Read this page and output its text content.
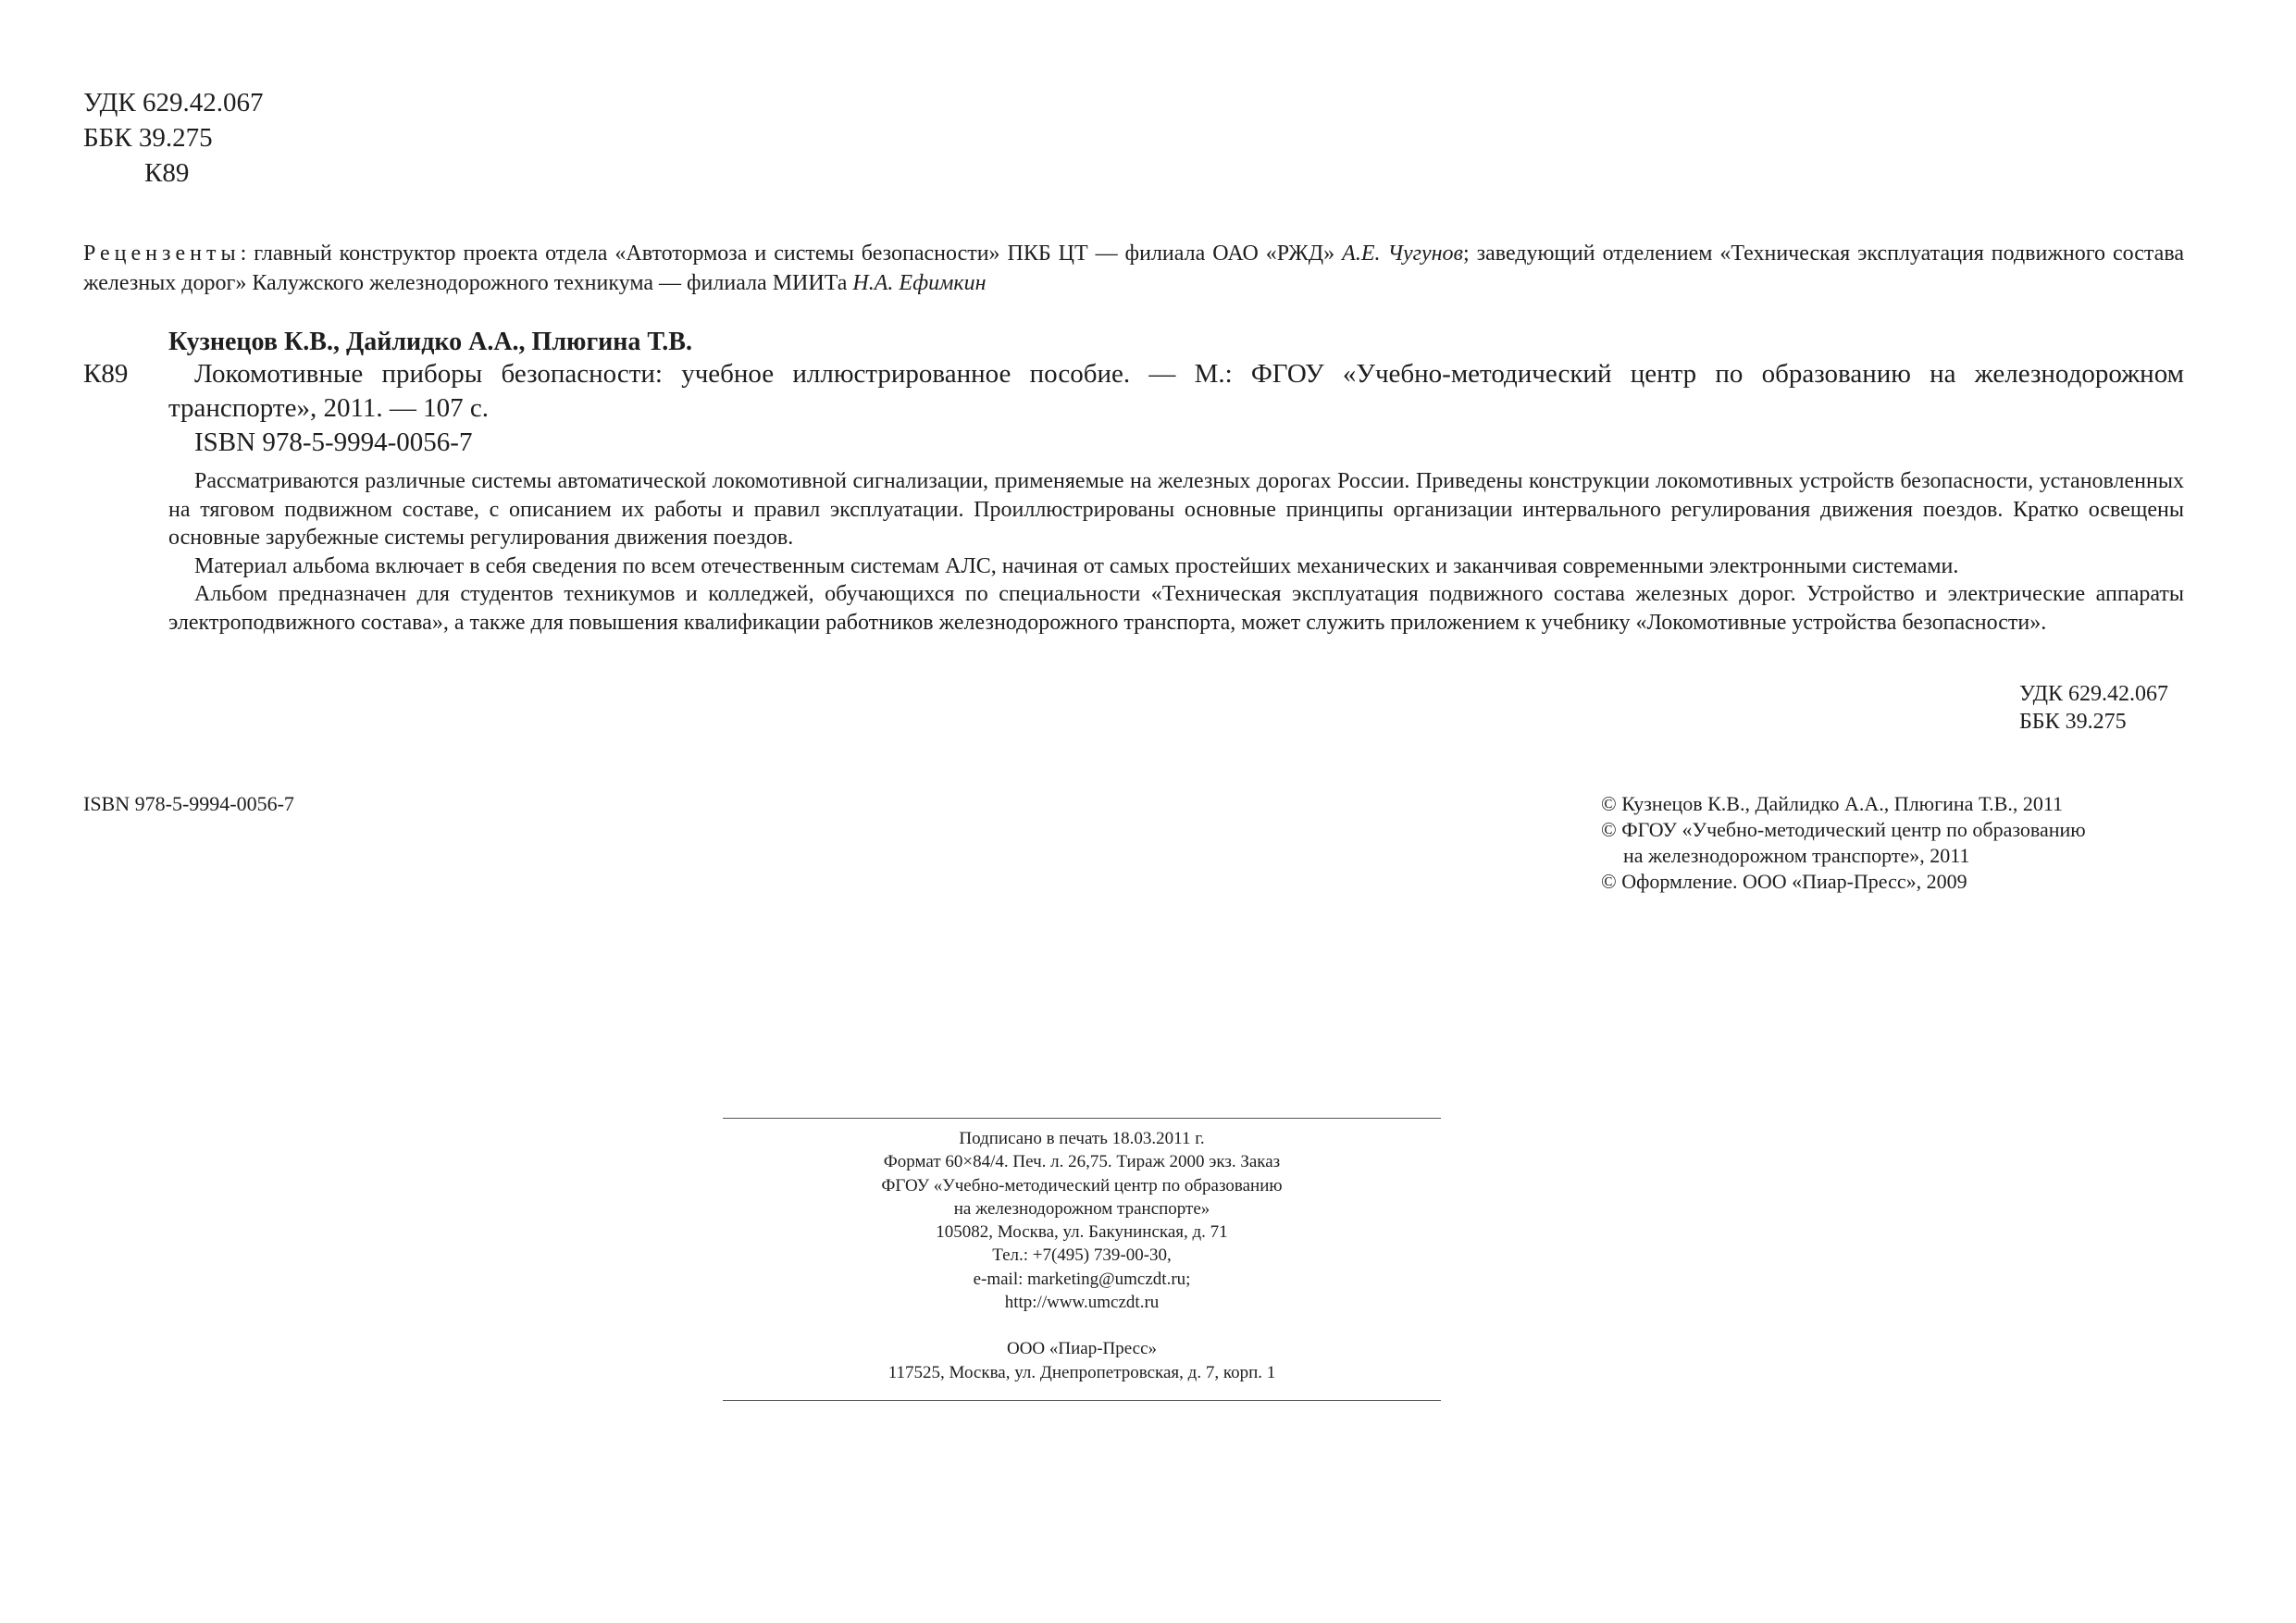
УДК 629.42.067
ББК 39.275
К89
Рецензенты: главный конструктор проекта отдела «Автотормоза и системы безопасности» ПКБ ЦТ — филиала ОАО «РЖД» А.Е. Чугунов; заведующий отделением «Техническая эксплуатация подвижного состава железных дорог» Калужского железнодорожного техникума — филиала МИИТа Н.А. Ефимкин
Кузнецов К.В., Дайлидко А.А., Плюгина Т.В.
К89	Локомотивные приборы безопасности: учебное иллюстрированное пособие. — М.: ФГОУ «Учебно-методический центр по образованию на железнодорожном

транспорте», 2011. — 107 с.

ISBN 978-5-9994-0056-7

Рассматриваются различные системы автоматической локомотивной сигнализации, применяемые на железных дорогах России. Приведены конструкции локомотивных устройств безопасности, установленных на тяговом подвижном составе, с описанием их работы и правил эксплуатации. Проиллюстрированы основные принципы организации интервального регулирования движения поездов. Кратко освещены основные зарубежные системы регулирования движения поездов.

Материал альбома включает в себя сведения по всем отечественным системам АЛС, начиная от самых простейших механических и заканчивая современными электронными системами.

Альбом предназначен для студентов техникумов и колледжей, обучающихся по специальности «Техническая эксплуатация подвижного состава железных дорог. Устройство и электрические аппараты электроподвижного состава», а также для повышения квалификации работников железнодорожного транспорта, может служить приложением к учебнику «Локомотивные устройства безопасности».

УДК 629.42.067
ББК 39.275
ISBN 978-5-9994-0056-7	© Кузнецов К.В., Дайлидко А.А., Плюгина Т.В., 2011
© ФГОУ «Учебно-методический центр по образованию
на железнодорожном транспорте», 2011
© Оформление. ООО «Пиар-Пресс», 2009
Подписано в печать 18.03.2011 г.
Формат 60×84/4. Печ. л. 26,75. Тираж 2000 экз. Заказ
ФГОУ «Учебно-методический центр по образованию
на железнодорожном транспорте»
105082, Москва, ул. Бакунинская, д. 71
Тел.: +7(495) 739-00-30,
e-mail: marketing@umczdt.ru;
http://www.umczdt.ru
ООО «Пиар-Пресс»
117525, Москва, ул. Днепропетровская, д. 7, корп. 1
